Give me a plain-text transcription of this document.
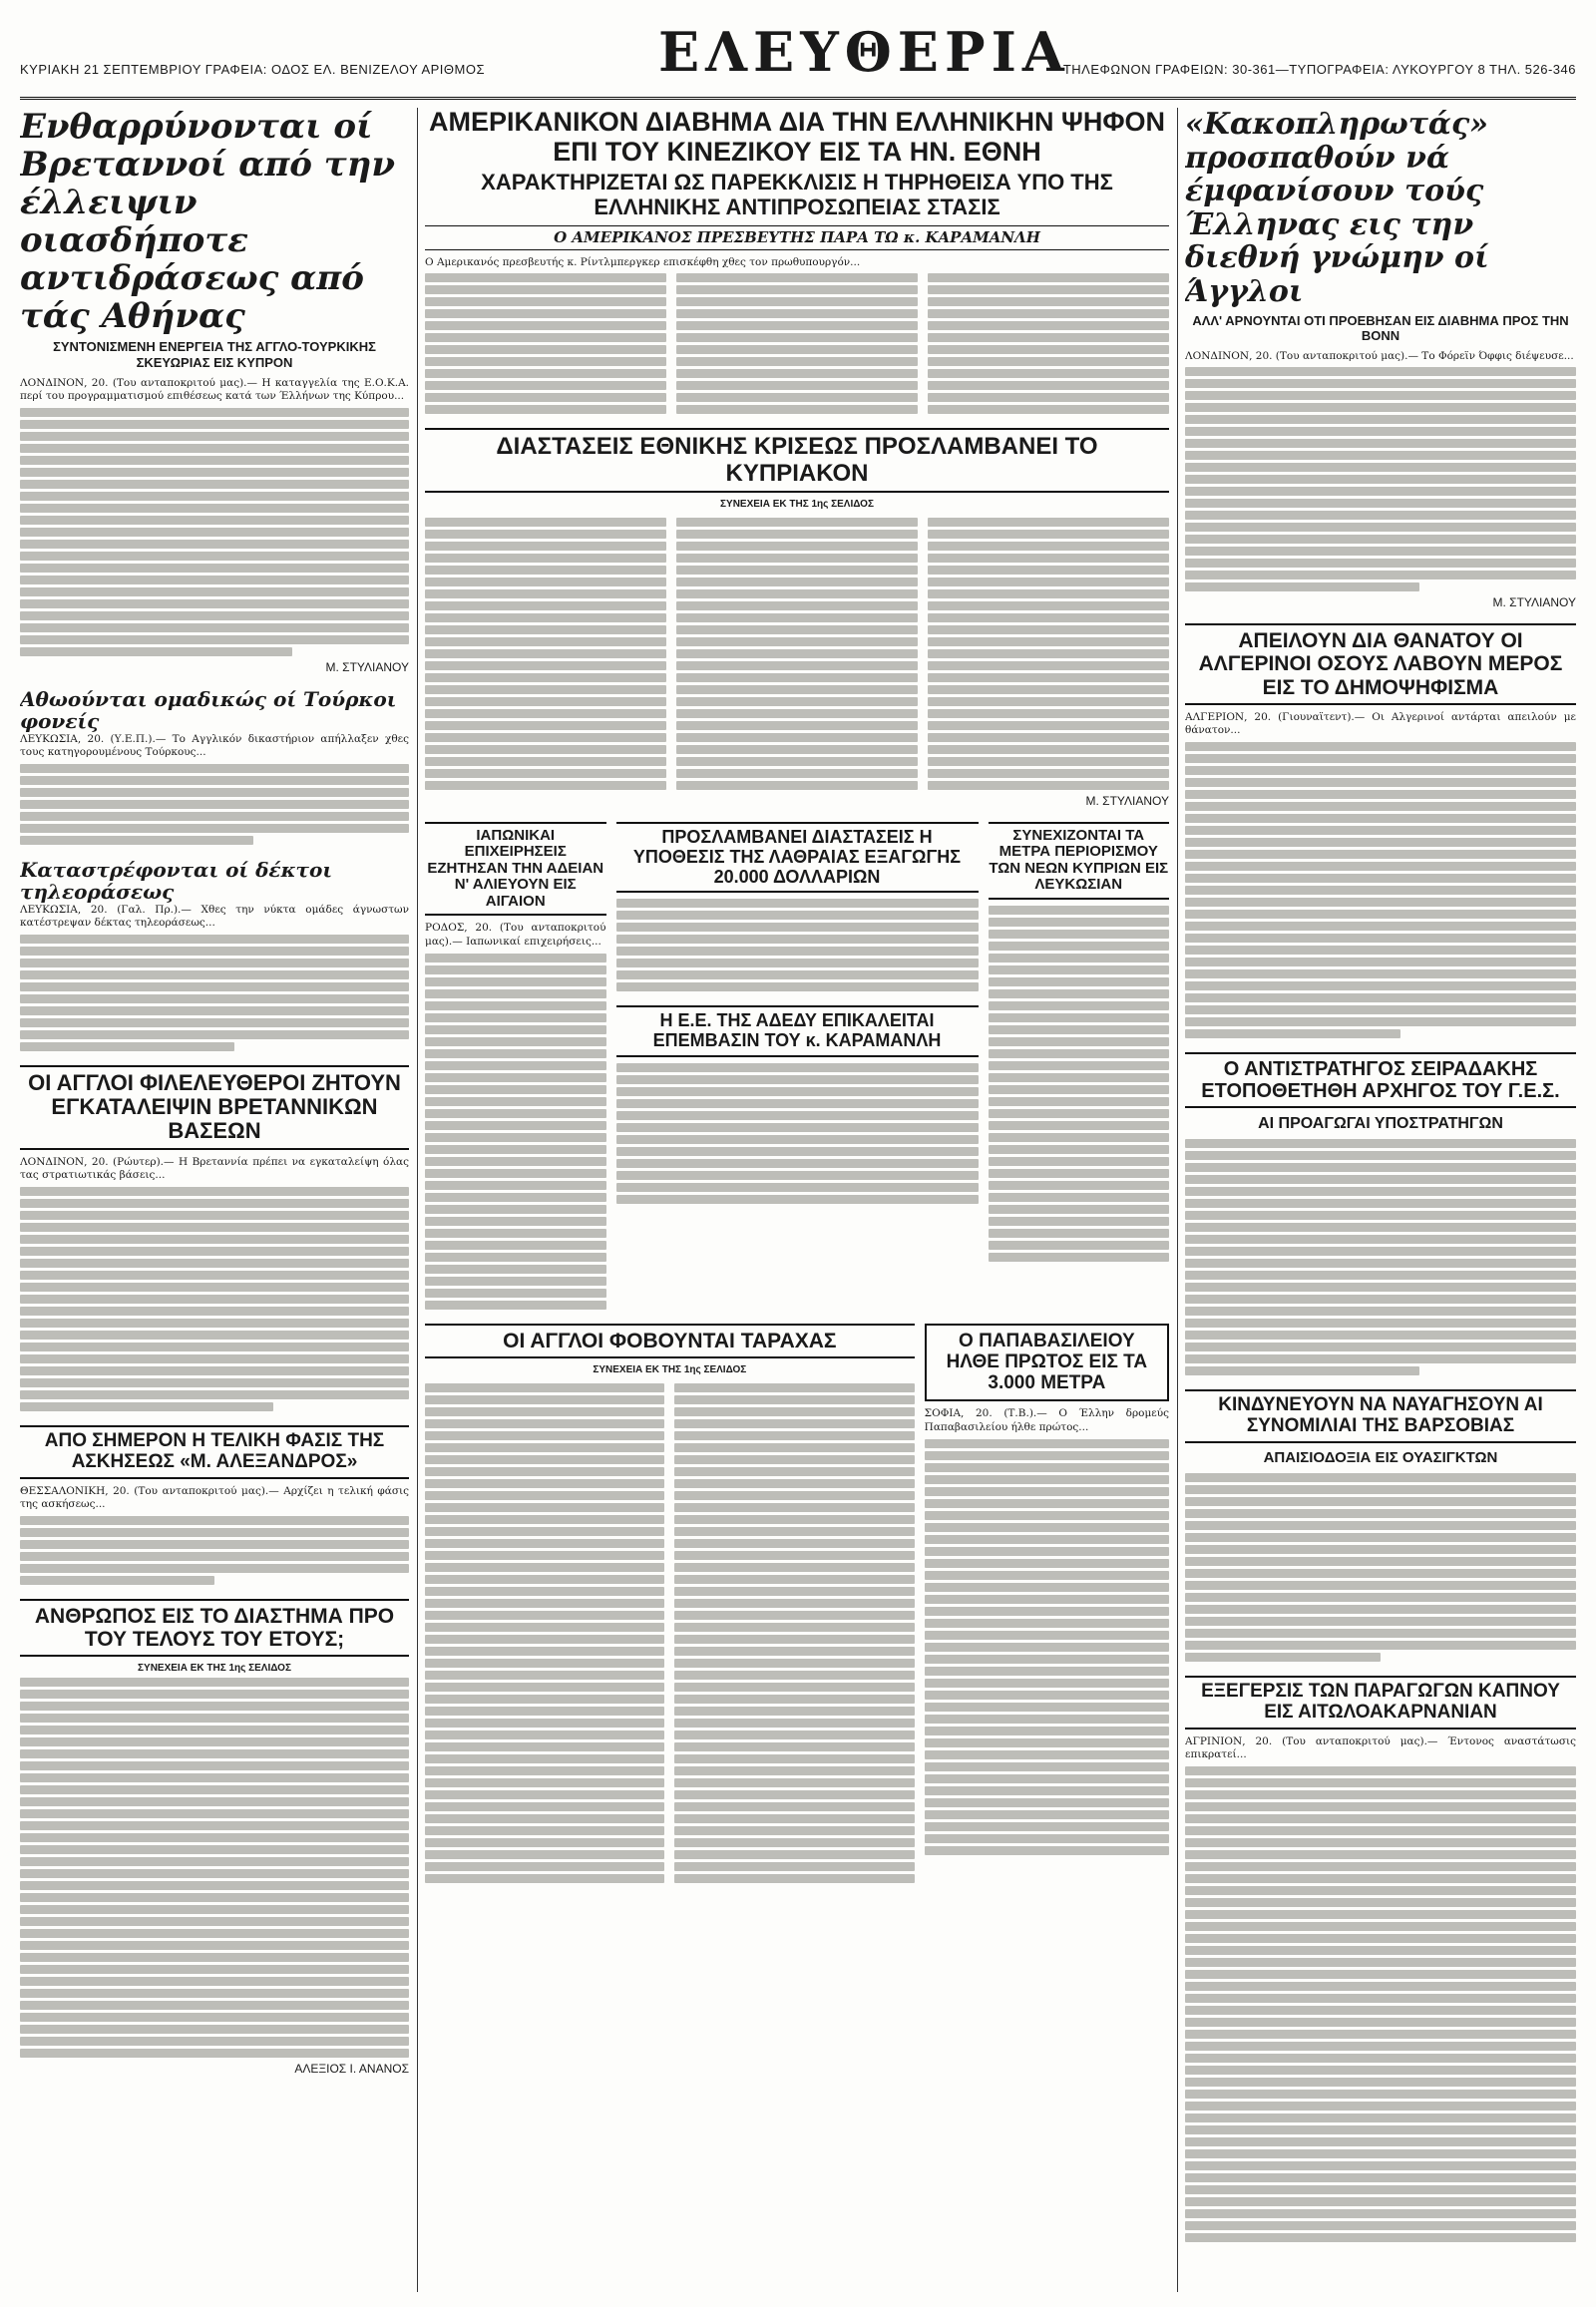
ΚΥΡΙΑΚΗ 21 ΣΕΠΤΕΜΒΡΙΟΥ ΓΡΑΦΕΙΑ: ΟΔΟΣ ΕΛ. ΒΕΝΙΖΕΛΟΥ ΑΡΙΘΜΟΣ	ΕΛΕΥΘΕΡΙΑ
ΤΗΛΕΦΩΝΟΝ ΓΡΑΦΕΙΩΝ: 30-361—ΤΥΠΟΓΡΑΦΕΙΑ: ΛΥΚΟΥΡΓΟΥ 8 ΤΗΛ. 526-346
Ενθαρρύνονται οί Βρεταννοί από την έλλειψιν οιασδήποτε αντιδράσεως από τάς Αθήνας
ΣΥΝΤΟΝΙΣΜΕΝΗ ΕΝΕΡΓΕΙΑ ΤΗΣ ΑΓΓΛΟ-ΤΟΥΡΚΙΚΗΣ ΣΚΕΥΩΡΙΑΣ ΕΙΣ ΚΥΠΡΟΝ
ΛΟΝΔΙΝΟΝ, 20. (Του ανταποκριτού μας).— Η καταγγελία της Ε.Ο.Κ.Α. περί του προγραμματισμού επιθέσεως κατά των Έλλήνων της Κύπρου...
Μ. ΣΤΥΛΙΑΝΟΥ
Αθωούνται ομαδικώς οί Τούρκοι φονείς
ΛΕΥΚΩΣΙΑ, 20. (Υ.Ε.Π.).— Το Αγγλικόν δικαστήριον απήλλαξεν χθες τους κατηγορουμένους Τούρκους...
Καταστρέφονται οί δέκτοι τηλεοράσεως
ΛΕΥΚΩΣΙΑ, 20. (Γαλ. Πρ.).— Χθες την νύκτα ομάδες άγνωστων κατέστρεψαν δέκτας τηλεοράσεως...
ΟΙ ΑΓΓΛΟΙ ΦΙΛΕΛΕΥΘΕΡΟΙ ΖΗΤΟΥΝ ΕΓΚΑΤΑΛΕΙΨΙΝ ΒΡΕΤΑΝΝΙΚΩΝ ΒΑΣΕΩΝ
ΛΟΝΔΙΝΟΝ, 20. (Ρώυτερ).— Η Βρεταννία πρέπει να εγκαταλείψη όλας τας στρατιωτικάς βάσεις...
ΑΠΟ ΣΗΜΕΡΟΝ Η ΤΕΛΙΚΗ ΦΑΣΙΣ ΤΗΣ ΑΣΚΗΣΕΩΣ «Μ. ΑΛΕΞΑΝΔΡΟΣ»
ΘΕΣΣΑΛΟΝΙΚΗ, 20. (Του ανταποκριτού μας).— Αρχίζει η τελική φάσις της ασκήσεως...
ΑΝΘΡΩΠΟΣ ΕΙΣ ΤΟ ΔΙΑΣΤΗΜΑ ΠΡΟ ΤΟΥ ΤΕΛΟΥΣ ΤΟΥ ΕΤΟΥΣ;
ΣΥΝΕΧΕΙΑ ΕΚ ΤΗΣ 1ης ΣΕΛΙΔΟΣ
ΑΛΕΞΙΟΣ Ι. ΑΝΑΝΟΣ
ΑΜΕΡΙΚΑΝΙΚΟΝ ΔΙΑΒΗΜΑ ΔΙΑ ΤΗΝ ΕΛΛΗΝΙΚΗΝ ΨΗΦΟΝ ΕΠΙ ΤΟΥ ΚΙΝΕΖΙΚΟΥ ΕΙΣ ΤΑ ΗΝ. ΕΘΝΗ
ΧΑΡΑΚΤΗΡΙΖΕΤΑΙ ΩΣ ΠΑΡΕΚΚΛΙΣΙΣ Η ΤΗΡΗΘΕΙΣΑ ΥΠΟ ΤΗΣ ΕΛΛΗΝΙΚΗΣ ΑΝΤΙΠΡΟΣΩΠΕΙΑΣ ΣΤΑΣΙΣ
Ο ΑΜΕΡΙΚΑΝΟΣ ΠΡΕΣΒΕΥΤΗΣ ΠΑΡΑ ΤΩ κ. ΚΑΡΑΜΑΝΛΗ
Ο Αμερικανός πρεσβευτής κ. Ρίντλμπεργκερ επισκέφθη χθες τον πρωθυπουργόν...
ΔΙΑΣΤΑΣΕΙΣ ΕΘΝΙΚΗΣ ΚΡΙΣΕΩΣ ΠΡΟΣΛΑΜΒΑΝΕΙ ΤΟ ΚΥΠΡΙΑΚΟΝ
ΣΥΝΕΧΕΙΑ ΕΚ ΤΗΣ 1ης ΣΕΛΙΔΟΣ
Μ. ΣΤΥΛΙΑΝΟΥ
ΙΑΠΩΝΙΚΑΙ ΕΠΙΧΕΙΡΗΣΕΙΣ ΕΖΗΤΗΣΑΝ ΤΗΝ ΑΔΕΙΑΝ Ν' ΑΛΙΕΥΟΥΝ ΕΙΣ ΑΙΓΑΙΟΝ
ΡΟΔΟΣ, 20. (Του ανταποκριτού μας).— Ιαπωνικαί επιχειρήσεις...
ΠΡΟΣΛΑΜΒΑΝΕΙ ΔΙΑΣΤΑΣΕΙΣ Η ΥΠΟΘΕΣΙΣ ΤΗΣ ΛΑΘΡΑΙΑΣ ΕΞΑΓΩΓΗΣ 20.000 ΔΟΛΛΑΡΙΩΝ
Η Ε.Ε. ΤΗΣ ΑΔΕΔΥ ΕΠΙΚΑΛΕΙΤΑΙ ΕΠΕΜΒΑΣΙΝ ΤΟΥ κ. ΚΑΡΑΜΑΝΛΗ
ΣΥΝΕΧΙΖΟΝΤΑΙ ΤΑ ΜΕΤΡΑ ΠΕΡΙΟΡΙΣΜΟΥ ΤΩΝ ΝΕΩΝ ΚΥΠΡΙΩΝ ΕΙΣ ΛΕΥΚΩΣΙΑΝ
ΟΙ ΑΓΓΛΟΙ ΦΟΒΟΥΝΤΑΙ ΤΑΡΑΧΑΣ
ΣΥΝΕΧΕΙΑ ΕΚ ΤΗΣ 1ης ΣΕΛΙΔΟΣ
Ο ΠΑΠΑΒΑΣΙΛΕΙΟΥ ΗΛΘΕ ΠΡΩΤΟΣ ΕΙΣ ΤΑ 3.000 ΜΕΤΡΑ
ΣΟΦΙΑ, 20. (Τ.Β.).— Ο Έλλην δρομεύς Παπαβασιλείου ήλθε πρώτος...
«Κακοπληρωτάς» προσπαθούν νά έμφανίσουν τούς Έλληνας εις την διεθνή γνώμην οί Άγγλοι
ΑΛΛ' ΑΡΝΟΥΝΤΑΙ ΟΤΙ ΠΡΟΕΒΗΣΑΝ ΕΙΣ ΔΙΑΒΗΜΑ ΠΡΟΣ ΤΗΝ ΒΟΝΝ
ΛΟΝΔΙΝΟΝ, 20. (Του ανταποκριτού μας).— Το Φόρεϊν Όφφις διέψευσε...
Μ. ΣΤΥΛΙΑΝΟΥ
ΑΠΕΙΛΟΥΝ ΔΙΑ ΘΑΝΑΤΟΥ ΟΙ ΑΛΓΕΡΙΝΟΙ ΟΣΟΥΣ ΛΑΒΟΥΝ ΜΕΡΟΣ ΕΙΣ ΤΟ ΔΗΜΟΨΗΦΙΣΜΑ
ΑΛΓΕΡΙΟΝ, 20. (Γιουναϊτεντ).— Οι Αλγερινοί αντάρται απειλούν με θάνατον...
Ο ΑΝΤΙΣΤΡΑΤΗΓΟΣ ΣΕΙΡΑΔΑΚΗΣ ΕΤΟΠΟΘΕΤΗΘΗ ΑΡΧΗΓΟΣ ΤΟΥ Γ.Ε.Σ.
ΑΙ ΠΡΟΑΓΩΓΑΙ ΥΠΟΣΤΡΑΤΗΓΩΝ
ΚΙΝΔΥΝΕΥΟΥΝ ΝΑ ΝΑΥΑΓΗΣΟΥΝ ΑΙ ΣΥΝΟΜΙΛΙΑΙ ΤΗΣ ΒΑΡΣΟΒΙΑΣ
ΑΠΑΙΣΙΟΔΟΞΙΑ ΕΙΣ ΟΥΑΣΙΓΚΤΩΝ
ΕΞΕΓΕΡΣΙΣ ΤΩΝ ΠΑΡΑΓΩΓΩΝ ΚΑΠΝΟΥ ΕΙΣ ΑΙΤΩΛΟΑΚΑΡΝΑΝΙΑΝ
ΑΓΡΙΝΙΟΝ, 20. (Του ανταποκριτού μας).— Έντονος αναστάτωσις επικρατεί...
